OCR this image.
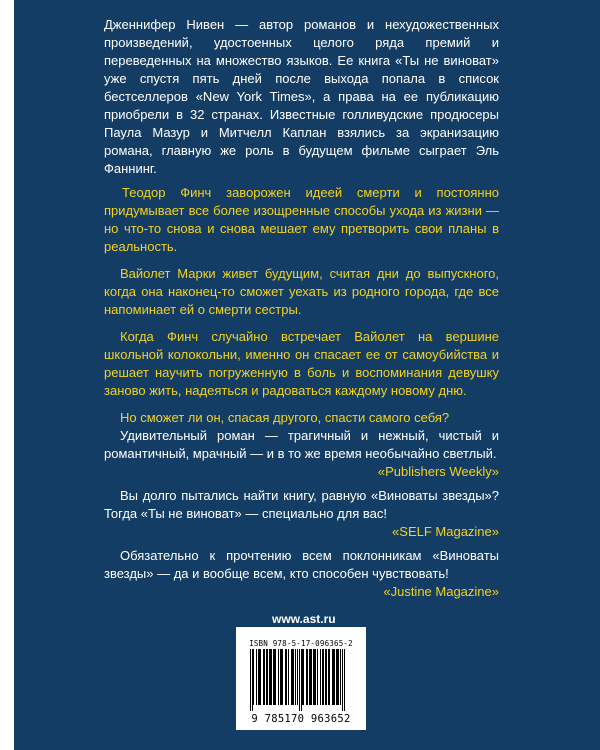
Дженнифер Нивен — автор романов и нехудожественных произведений, удостоенных целого ряда премий и переведенных на множество языков. Ее книга «Ты не виноват» уже спустя пять дней после выхода попала в список бестселлеров «New York Times», а права на ее публикацию приобрели в 32 странах. Известные голливудские продюсеры Паула Мазур и Митчелл Каплан взялись за экранизацию романа, главную же роль в будущем фильме сыграет Эль Фаннинг.

Теодор Финч заворожен идеей смерти и постоянно придумывает все более изощренные способы ухода из жизни — но что-то снова и снова мешает ему претворить свои планы в реальность.

Вайолет Марки живет будущим, считая дни до выпускного, когда она наконец-то сможет уехать из родного города, где все напоминает ей о смерти сестры.

Когда Финч случайно встречает Вайолет на вершине школьной колокольни, именно он спасает ее от самоубийства и решает научить погруженную в боль и воспоминания девушку заново жить, надеяться и радоваться каждому новому дню.

Но сможет ли он, спасая другого, спасти самого себя?

Удивительный роман — трагичный и нежный, чистый и романтичный, мрачный — и в то же время необычайно светлый.

«Publishers Weekly»

Вы долго пытались найти книгу, равную «Виноваты звезды»? Тогда «Ты не виноват» — специально для вас!

«SELF Magazine»

Обязательно к прочтению всем поклонникам «Виноваты звезды» — да и вообще всем, кто способен чувствовать!

«Justine Magazine»

www.ast.ru
ISBN 978-5-17-096365-2
9 785170 963652
